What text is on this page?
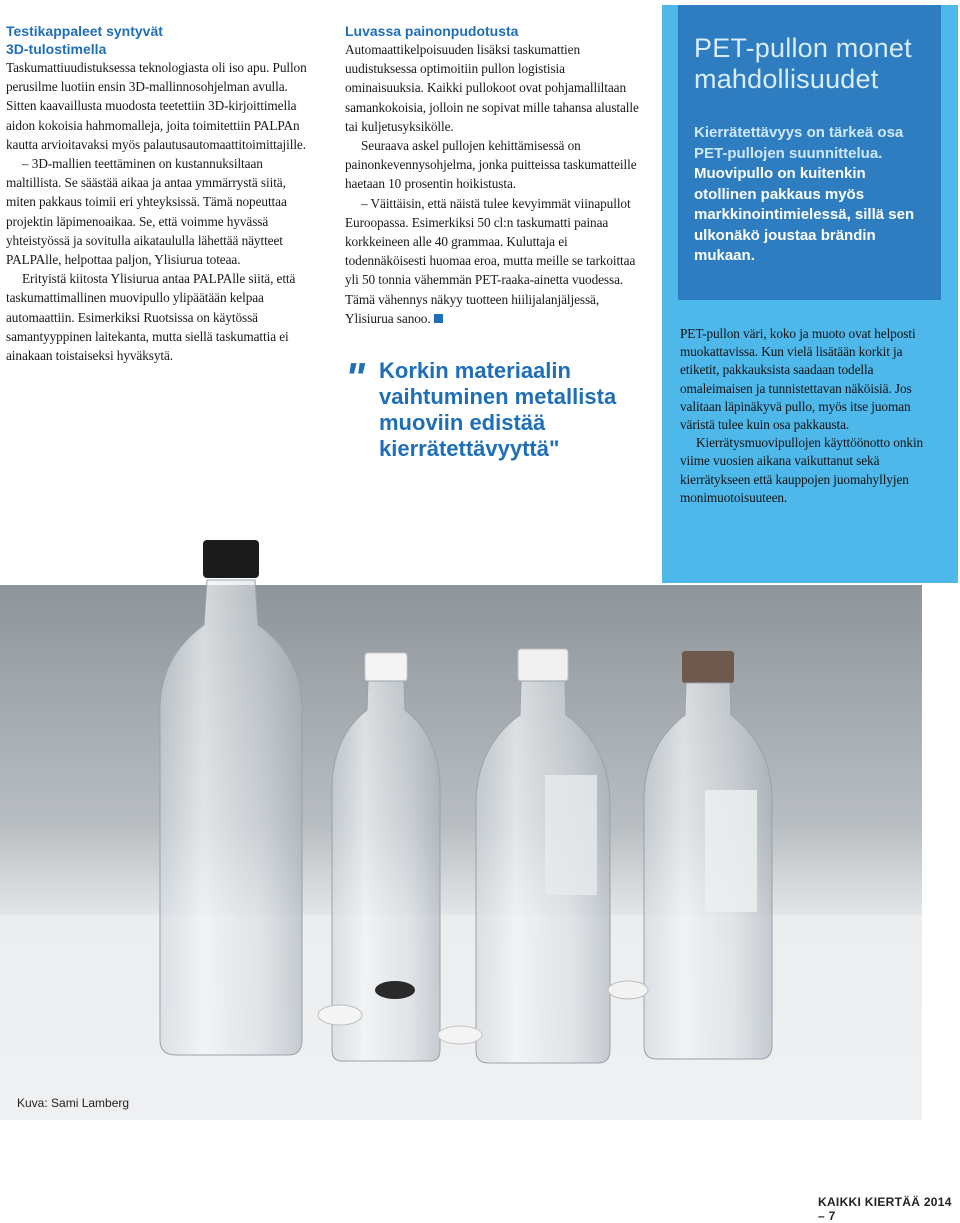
Testikappaleet syntyvät
3D-tulostimella

Taskumattiuudistuksessa teknologiasta oli iso apu. Pullon perusilme luotiin ensin 3D-mallinnosohjelman avulla. Sitten kaavaillusta muodosta teetettiin 3D-kirjoittimella aidon kokoisia hahmomalleja, joita toimitettiin PALPAn kautta arvioitavaksi myös palautusautomaattitoimittajille.

– 3D-mallien teettäminen on kustannuksiltaan maltillista. Se säästää aikaa ja antaa ymmärrystä siitä, miten pakkaus toimii eri yhteyksissä. Tämä nopeuttaa projektin läpimenoaikaa. Se, että voimme hyvässä yhteistyössä ja sovitulla aikataululla lähettää näytteet PALPAlle, helpottaa paljon, Ylisiurua toteaa.

Erityistä kiitosta Ylisiurua antaa PALPAlle siitä, että taskumattimallinen muovipullo ylipäätään kelpaa automaattiin. Esimerkiksi Ruotsissa on käytössä samantyyppinen laitekanta, mutta siellä taskumattia ei ainakaan toistaiseksi hyväksytä.

Luvassa painonpudotusta

Automaattikelpoisuuden lisäksi taskumattien uudistuksessa optimoitiin pullon logistisia ominaisuuksia. Kaikki pullokoot ovat pohjamalliltaan samankokoisia, jolloin ne sopivat mille tahansa alustalle tai kuljetusyksikölle.

Seuraava askel pullojen kehittämisessä on painonkevennysohjelma, jonka puitteissa taskumatteille haetaan 10 prosentin hoikistusta.

– Väittäisin, että näistä tulee kevyimmät viinapullot Euroopassa. Esimerkiksi 50 cl:n taskumatti painaa korkkeineen alle 40 grammaa. Kuluttaja ei todennäköisesti huomaa eroa, mutta meille se tarkoittaa yli 50 tonnia vähemmän PET-raaka-ainetta vuodessa. Tämä vähennys näkyy tuotteen hiilijalanjäljessä, Ylisiurua sanoo.

" Korkin materiaalin vaihtuminen metallista muoviin edistää kierrätettävyyttä"
PET-pullon monet mahdollisuudet
Kierrätettävyys on tärkeä osa PET-pullojen suunnittelua. Muovipullo on kuitenkin otollinen pakkaus myös markkinointimielessä, sillä sen ulkonäkö joustaa brändin mukaan.

PET-pullon väri, koko ja muoto ovat helposti muokattavissa. Kun vielä lisätään korkit ja etiketit, pakkauksista saadaan todella omaleimaisen ja tunnistettavan näköisiä. Jos valitaan läpinäkyvä pullo, myös itse juoman väristä tulee kuin osa pakkausta.

Kierrätysmuovipullojen käyttöönotto onkin viime vuosien aikana vaikuttanut sekä kierrätykseen että kauppojen juomahyllyjen monimuotoisuuteen.

Kuva: Sami Lamberg
KAIKKI KIERTÄÄ 2014 – 7
